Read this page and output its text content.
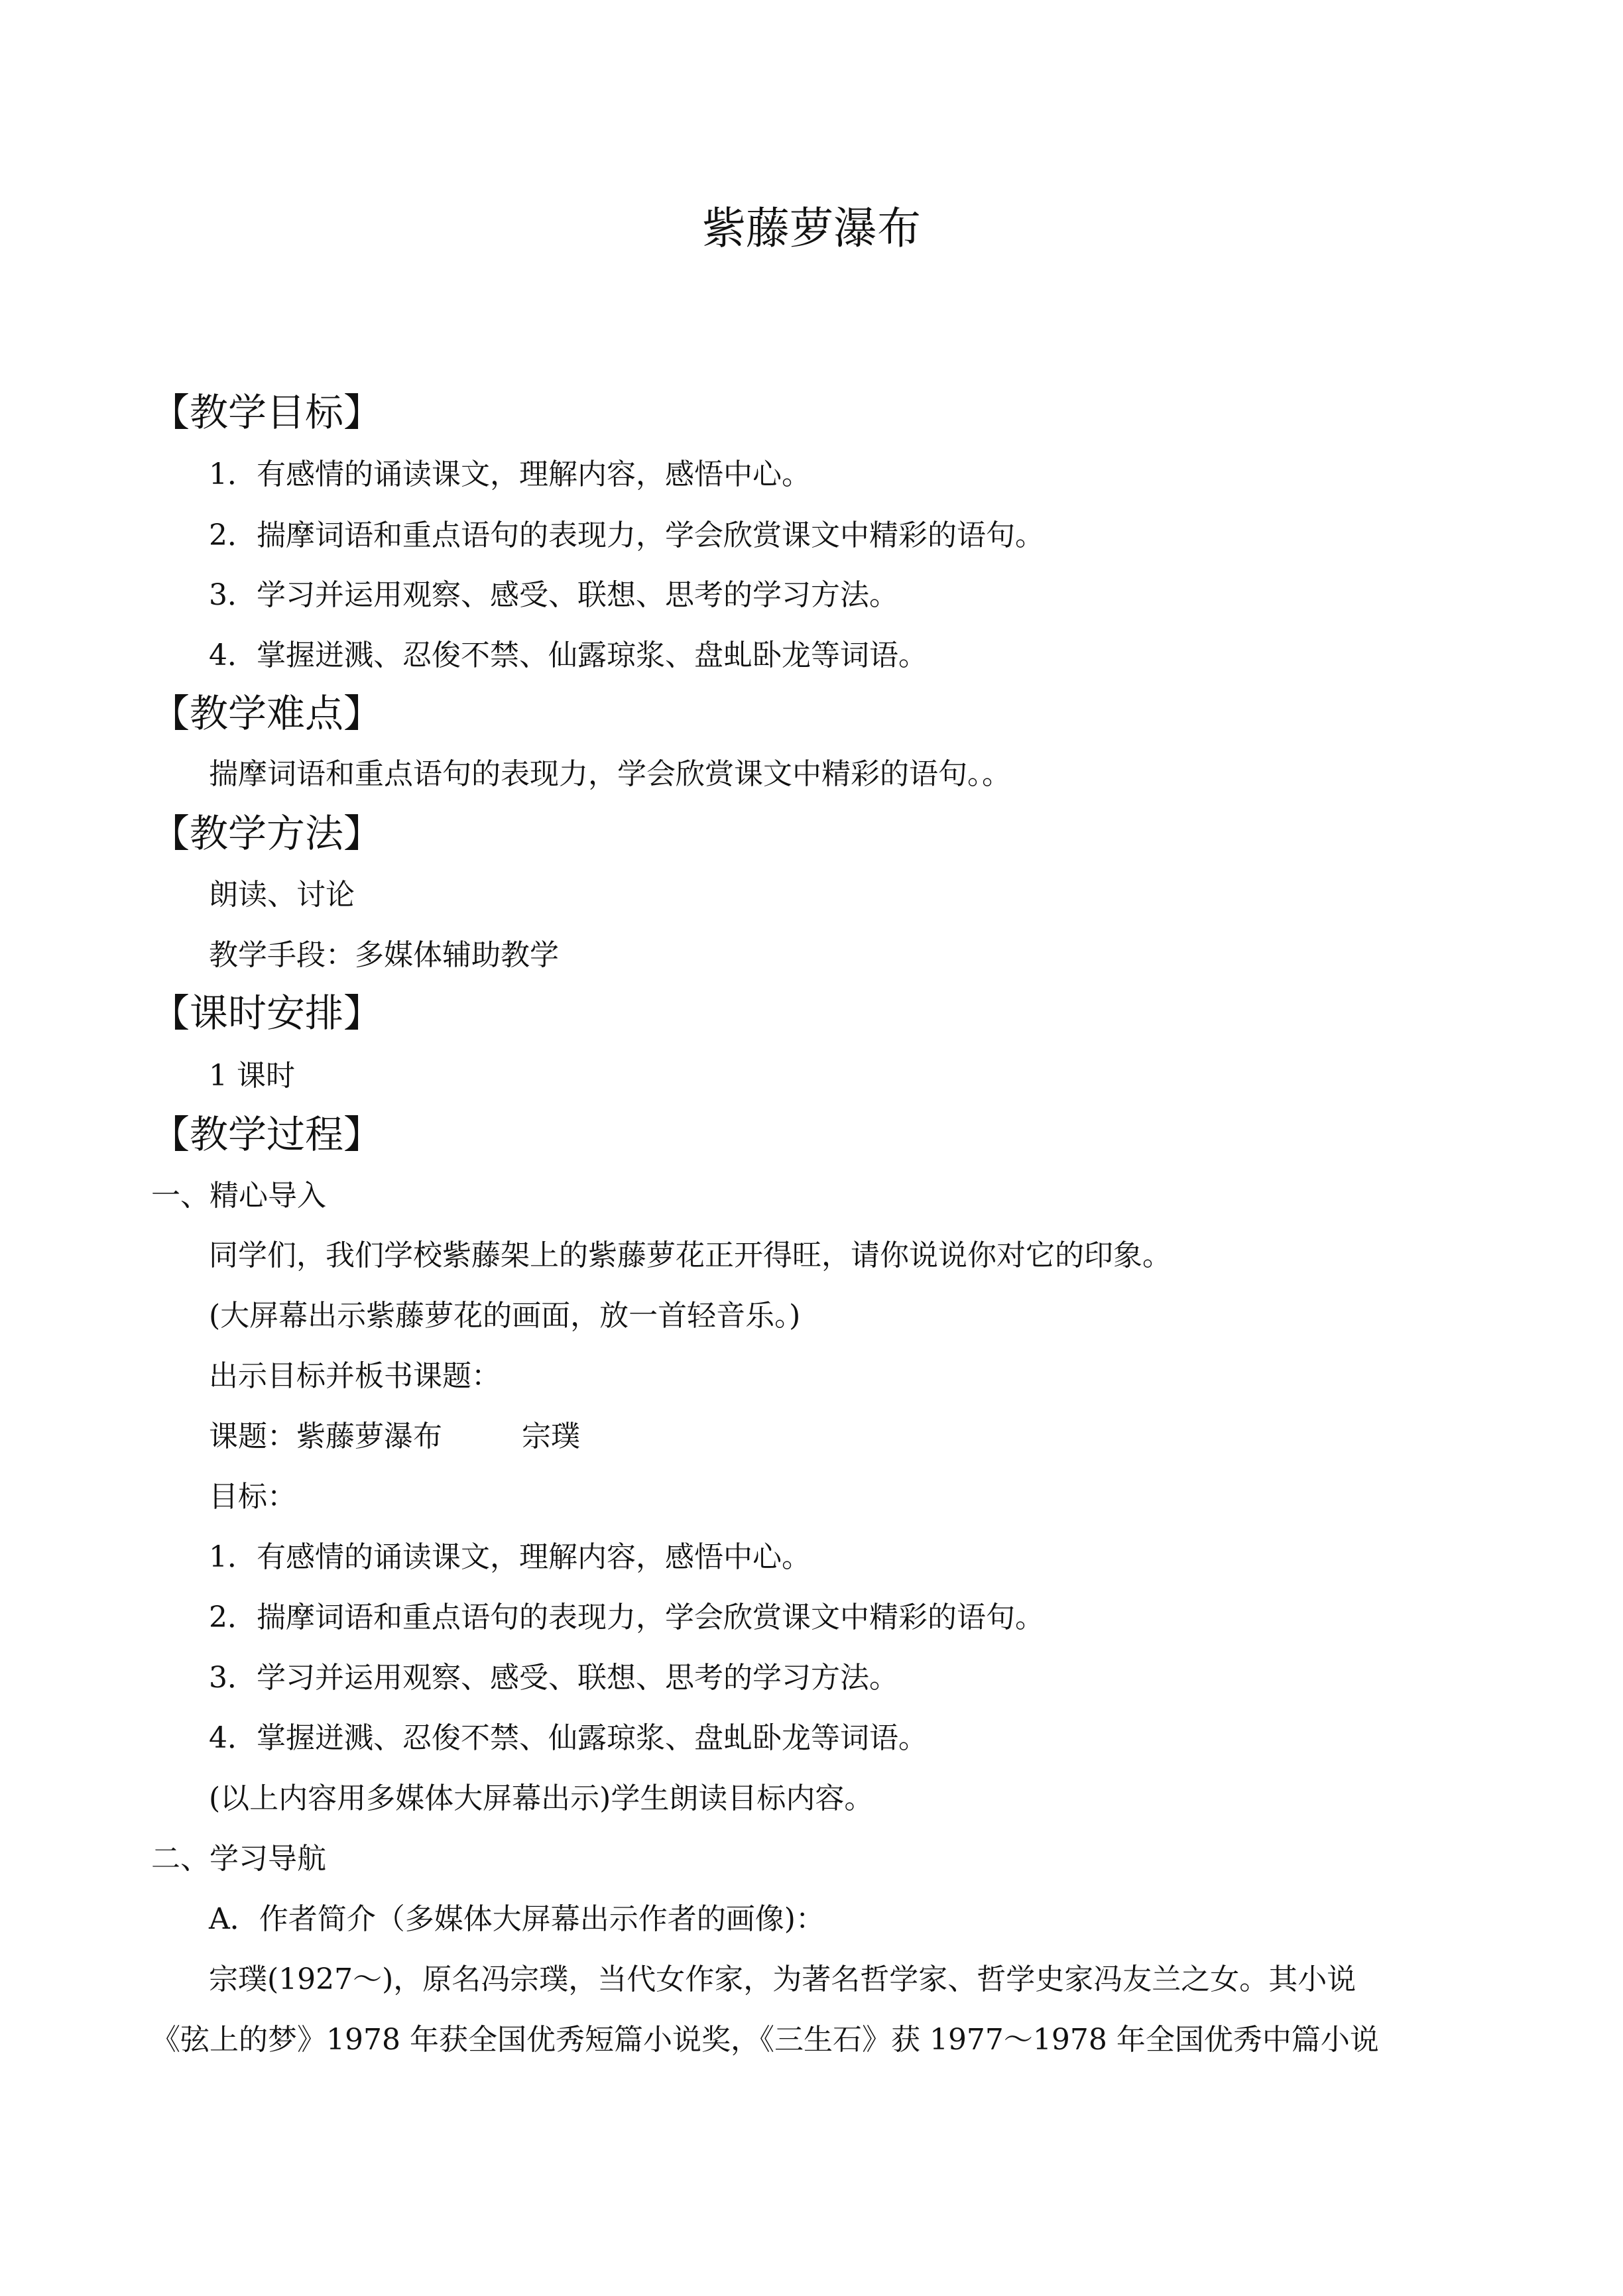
紫藤萝瀑布
【教学目标】
1．有感情的诵读课文，理解内容，感悟中心。
2．揣摩词语和重点语句的表现力，学会欣赏课文中精彩的语句。
3．学习并运用观察、感受、联想、思考的学习方法。
4．掌握迸溅、忍俊不禁、仙露琼浆、盘虬卧龙等词语。
【教学难点】
揣摩词语和重点语句的表现力，学会欣赏课文中精彩的语句。。
【教学方法】
朗读、讨论
教学手段：多媒体辅助教学
【课时安排】
1 课时
【教学过程】
一、精心导入
同学们，我们学校紫藤架上的紫藤萝花正开得旺，请你说说你对它的印象。
(大屏幕出示紫藤萝花的画面，放一首轻音乐。)
出示目标并板书课题：
课题：紫藤萝瀑布	宗璞
目标：
1．有感情的诵读课文，理解内容，感悟中心。
2．揣摩词语和重点语句的表现力，学会欣赏课文中精彩的语句。
3．学习并运用观察、感受、联想、思考的学习方法。
4．掌握迸溅、忍俊不禁、仙露琼浆、盘虬卧龙等词语。
(以上内容用多媒体大屏幕出示)学生朗读目标内容。
二、学习导航
A．作者简介（多媒体大屏幕出示作者的画像)：
宗璞(1927～)，原名冯宗璞，当代女作家，为著名哲学家、哲学史家冯友兰之女。其小说
《弦上的梦》1978 年获全国优秀短篇小说奖，《三生石》获 1977～1978 年全国优秀中篇小说
